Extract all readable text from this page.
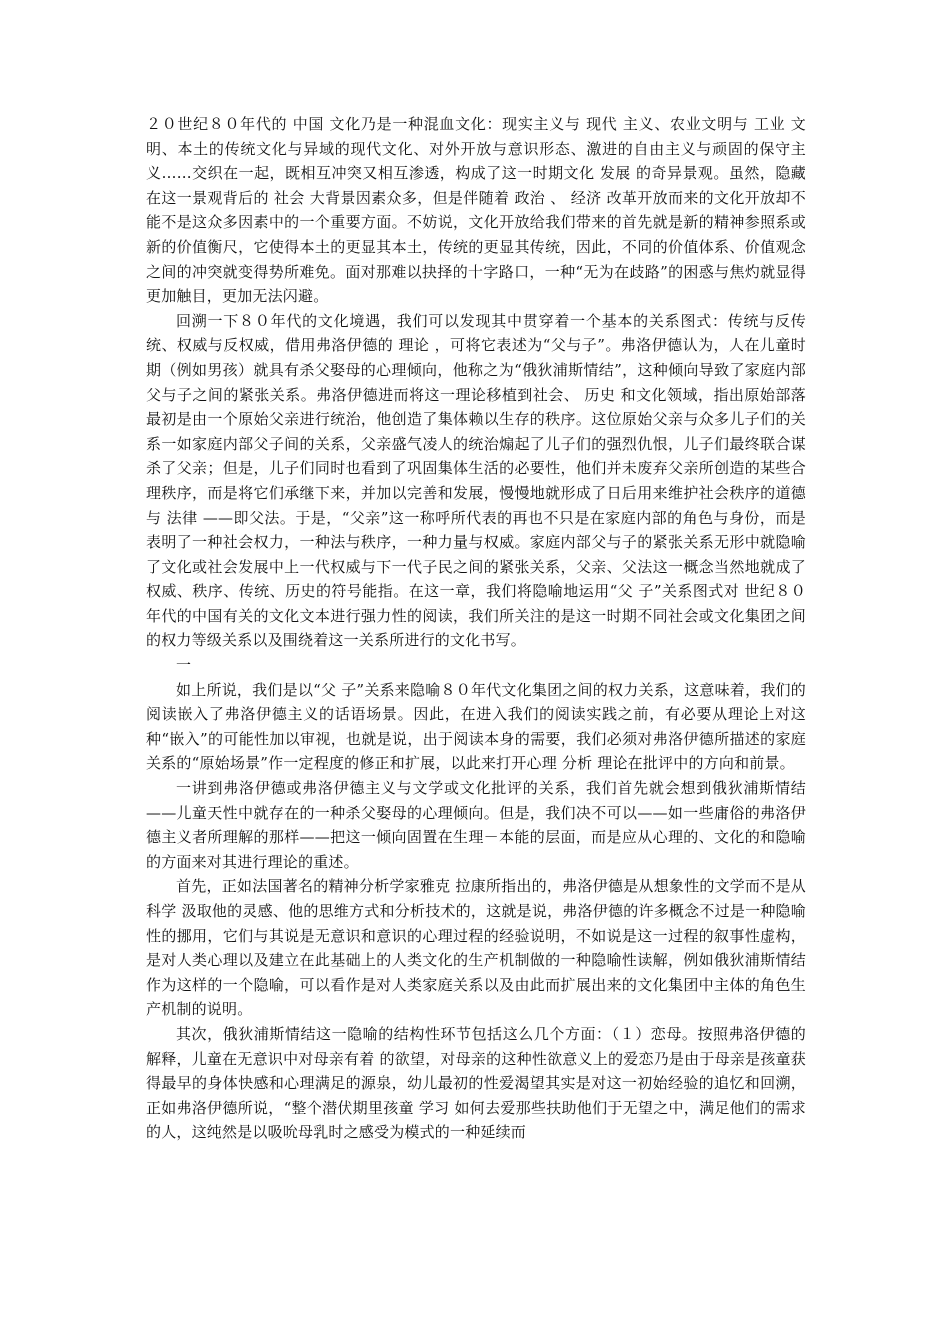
２０世纪８０年代的 中国 文化乃是一种混血文化：现实主义与 现代 主义、农业文明与 工业 文明、本土的传统文化与异域的现代文化、对外开放与意识形态、激进的自由主义与顽固的保守主义……交织在一起，既相互冲突又相互渗透，构成了这一时期文化 发展 的奇异景观。虽然，隐藏在这一景观背后的 社会 大背景因素众多，但是伴随着 政治 、 经济 改革开放而来的文化开放却不能不是这众多因素中的一个重要方面。不妨说，文化开放给我们带来的首先就是新的精神参照系或新的价值衡尺，它使得本土的更显其本土，传统的更显其传统，因此，不同的价值体系、价值观念之间的冲突就变得势所难免。面对那难以抉择的十字路口，一种“无为在歧路”的困惑与焦灼就显得更加触目，更加无法闪避。

回溯一下８０年代的文化境遇，我们可以发现其中贯穿着一个基本的关系图式：传统与反传统、权威与反权威，借用弗洛伊德的 理论 ，可将它表述为“父与子”。弗洛伊德认为，人在儿童时期（例如男孩）就具有杀父娶母的心理倾向，他称之为“俄狄浦斯情结”，这种倾向导致了家庭内部父与子之间的紧张关系。弗洛伊德进而将这一理论移植到社会、 历史 和文化领域，指出原始部落最初是由一个原始父亲进行统治，他创造了集体赖以生存的秩序。这位原始父亲与众多儿子们的关系一如家庭内部父子间的关系，父亲盛气凌人的统治煽起了儿子们的强烈仇恨，儿子们最终联合谋杀了父亲；但是，儿子们同时也看到了巩固集体生活的必要性，他们并未废弃父亲所创造的某些合理秩序，而是将它们承继下来，并加以完善和发展，慢慢地就形成了日后用来维护社会秩序的道德与 法律 ——即父法。于是，“父亲”这一称呼所代表的再也不只是在家庭内部的角色与身份，而是表明了一种社会权力，一种法与秩序，一种力量与权威。家庭内部父与子的紧张关系无形中就隐喻了文化或社会发展中上一代权威与下一代子民之间的紧张关系，父亲、父法这一概念当然地就成了权威、秩序、传统、历史的符号能指。在这一章，我们将隐喻地运用“父 子”关系图式对 世纪８０年代的中国有关的文化文本进行强力性的阅读，我们所关注的是这一时期不同社会或文化集团之间的权力等级关系以及围绕着这一关系所进行的文化书写。

一

如上所说，我们是以“父 子”关系来隐喻８０年代文化集团之间的权力关系，这意味着，我们的阅读嵌入了弗洛伊德主义的话语场景。因此，在进入我们的阅读实践之前，有必要从理论上对这种“嵌入”的可能性加以审视，也就是说，出于阅读本身的需要，我们必须对弗洛伊德所描述的家庭关系的“原始场景”作一定程度的修正和扩展，以此来打开心理 分析 理论在批评中的方向和前景。

一讲到弗洛伊德或弗洛伊德主义与文学或文化批评的关系，我们首先就会想到俄狄浦斯情结——儿童天性中就存在的一种杀父娶母的心理倾向。但是，我们决不可以——如一些庸俗的弗洛伊德主义者所理解的那样——把这一倾向固置在生理－本能的层面，而是应从心理的、文化的和隐喻的方面来对其进行理论的重述。

首先，正如法国著名的精神分析学家雅克 拉康所指出的，弗洛伊德是从想象性的文学而不是从 科学 汲取他的灵感、他的思维方式和分析技术的，这就是说，弗洛伊德的许多概念不过是一种隐喻性的挪用，它们与其说是无意识和意识的心理过程的经验说明，不如说是这一过程的叙事性虚构，是对人类心理以及建立在此基础上的人类文化的生产机制做的一种隐喻性读解，例如俄狄浦斯情结作为这样的一个隐喻，可以看作是对人类家庭关系以及由此而扩展出来的文化集团中主体的角色生产机制的说明。

其次，俄狄浦斯情结这一隐喻的结构性环节包括这么几个方面：（１）恋母。按照弗洛伊德的解释，儿童在无意识中对母亲有着 的欲望，对母亲的这种性欲意义上的爱恋乃是由于母亲是孩童获得最早的身体快感和心理满足的源泉，幼儿最初的性爱渴望其实是对这一初始经验的追忆和回溯，正如弗洛伊德所说，“整个潜伏期里孩童 学习 如何去爱那些扶助他们于无望之中，满足他们的需求的人，这纯然是以吸吮母乳时之感受为模式的一种延续而
